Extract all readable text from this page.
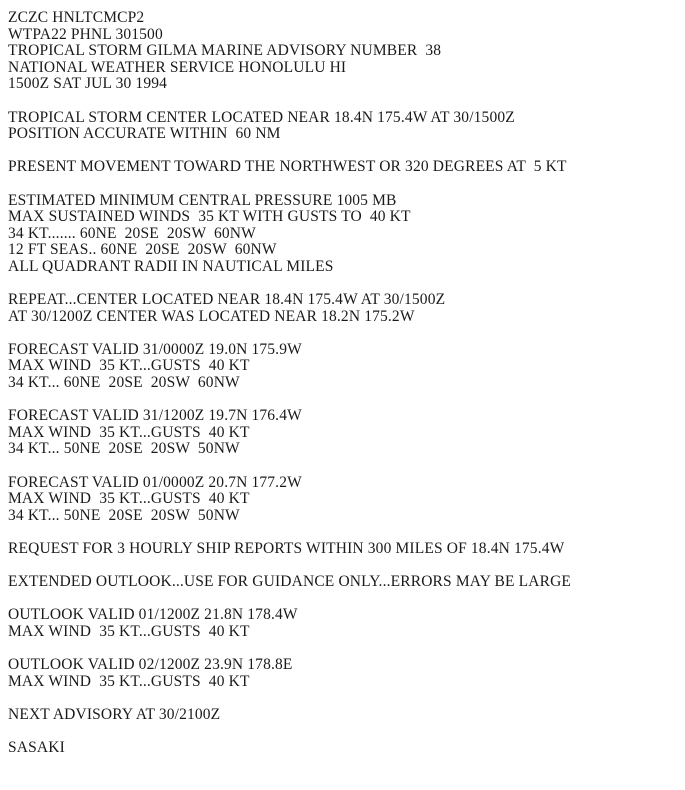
ZCZC HNLTCMCP2
WTPA22 PHNL 301500
TROPICAL STORM GILMA MARINE ADVISORY NUMBER  38
NATIONAL WEATHER SERVICE HONOLULU HI
1500Z SAT JUL 30 1994
TROPICAL STORM CENTER LOCATED NEAR 18.4N 175.4W AT 30/1500Z
POSITION ACCURATE WITHIN  60 NM
PRESENT MOVEMENT TOWARD THE NORTHWEST OR 320 DEGREES AT  5 KT
ESTIMATED MINIMUM CENTRAL PRESSURE 1005 MB
MAX SUSTAINED WINDS  35 KT WITH GUSTS TO  40 KT
34 KT....... 60NE  20SE  20SW  60NW
12 FT SEAS.. 60NE  20SE  20SW  60NW
ALL QUADRANT RADII IN NAUTICAL MILES
REPEAT...CENTER LOCATED NEAR 18.4N 175.4W AT 30/1500Z
AT 30/1200Z CENTER WAS LOCATED NEAR 18.2N 175.2W
FORECAST VALID 31/0000Z 19.0N 175.9W
MAX WIND  35 KT...GUSTS  40 KT
34 KT... 60NE  20SE  20SW  60NW
FORECAST VALID 31/1200Z 19.7N 176.4W
MAX WIND  35 KT...GUSTS  40 KT
34 KT... 50NE  20SE  20SW  50NW
FORECAST VALID 01/0000Z 20.7N 177.2W
MAX WIND  35 KT...GUSTS  40 KT
34 KT... 50NE  20SE  20SW  50NW
REQUEST FOR 3 HOURLY SHIP REPORTS WITHIN 300 MILES OF 18.4N 175.4W
EXTENDED OUTLOOK...USE FOR GUIDANCE ONLY...ERRORS MAY BE LARGE
OUTLOOK VALID 01/1200Z 21.8N 178.4W
MAX WIND  35 KT...GUSTS  40 KT
OUTLOOK VALID 02/1200Z 23.9N 178.8E
MAX WIND  35 KT...GUSTS  40 KT
NEXT ADVISORY AT 30/2100Z
SASAKI
